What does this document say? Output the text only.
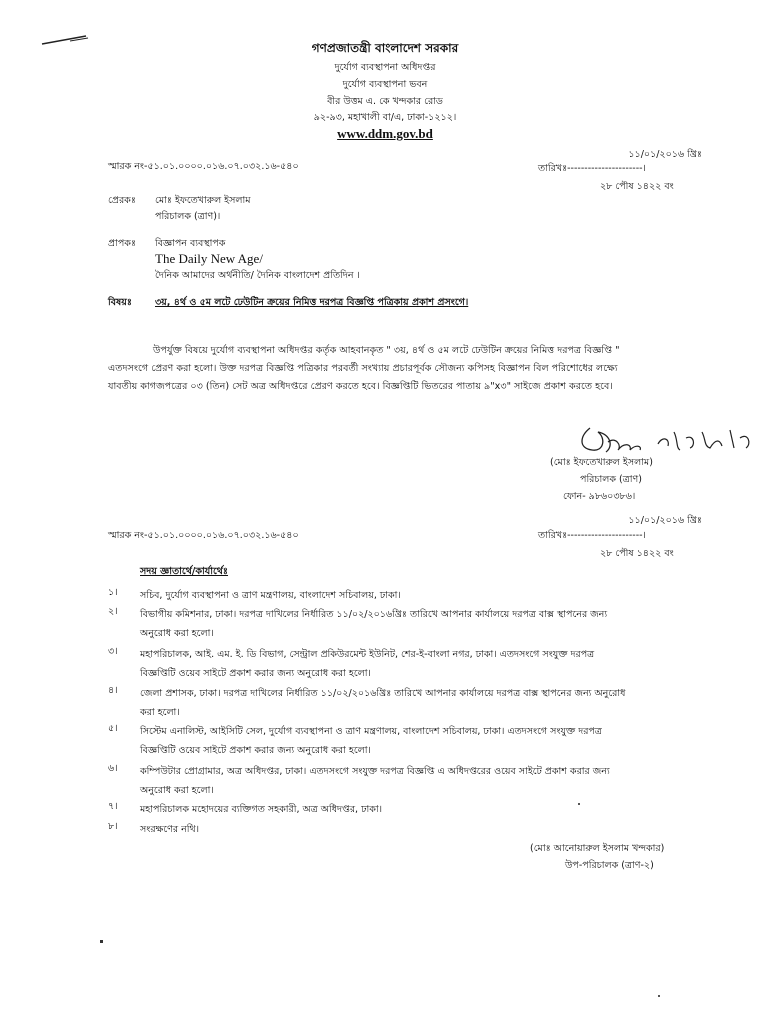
গণপ্রজাতন্ত্রী বাংলাদেশ সরকার
দুর্যোগ ব্যবস্থাপনা অধিদপ্তর
দুর্যোগ ব্যবস্থাপনা ভবন
বীর উত্তম এ. কে খন্দকার রোড
৯২-৯৩, মহাখালী বা/এ, ঢাকা-১২১২।
www.ddm.gov.bd
১১/০১/২০১৬ খ্রিঃ
স্মারক নং-৫১.০১.০০০০.০১৬.০৭.০৩২.১৬-৫৪০	তারিখঃ----------------------।
২৮ পৌষ ১৪২২ বং
প্রেরকঃ মোঃ ইফতেখারুল ইসলাম
পরিচালক (ত্রাণ)।
প্রাপকঃ বিজ্ঞাপন ব্যবস্থাপক
The Daily New Age/
দৈনিক আমাদের অর্থনীতি/ দৈনিক বাংলাদেশ প্রতিদিন ।
বিষয়ঃ ৩য়, ৪র্থ ও ৫ম লটে ঢেউটিন ক্রয়ের নিমিত্ত দরপত্র বিজ্ঞপ্তি পত্রিকায় প্রকাশ প্রসংগে।
উপর্যুক্ত বিষয়ে দুর্যোগ ব্যবস্থাপনা অধিদপ্তর কর্তৃক আহবানকৃত " ৩য়, ৪র্থ ও ৫ম লটে ঢেউটিন ক্রয়ের নিমিত্ত দরপত্র বিজ্ঞপ্তি "
এতদসংগে প্রেরণ করা হলো। উক্ত দরপত্র বিজ্ঞপ্তি পত্রিকার পরবর্তী সংখ্যায় প্রচারপূর্বক সৌজন্য কপিসহ বিজ্ঞাপন বিল পরিশোধের লক্ষ্যে
যাবতীয় কাগজপত্রের ০৩ (তিন) সেট অত্র অধিদপ্তরে প্রেরণ করতে হবে। বিজ্ঞপ্তিটি ভিতরের পাতায় ৯"x৩" সাইজে প্রকাশ করতে হবে।
(মোঃ ইফতেখারুল ইসলাম)
পরিচালক (ত্রাণ)
ফোন- ৯৮৬০৩৮৬।
১১/০১/২০১৬ খ্রিঃ
স্মারক নং-৫১.০১.০০০০.০১৬.০৭.০৩২.১৬-৫৪০	তারিখঃ----------------------।
২৮ পৌষ ১৪২২ বং
সদয় জ্ঞাতার্থে/কার্যার্থেঃ
১। সচিব, দুর্যোগ ব্যবস্থাপনা ও ত্রাণ মন্ত্রণালয়, বাংলাদেশ সচিবালয়, ঢাকা।
২। বিভাগীয় কমিশনার, ঢাকা। দরপত্র দাখিলের নির্ধারিত ১১/০২/২০১৬খ্রিঃ তারিখে আপনার কার্যালয়ে দরপত্র বাক্স স্থাপনের জন্য
অনুরোধ করা হলো।
৩। মহাপরিচালক, আই. এম. ই. ডি বিভাগ, সেন্ট্রাল প্রকিউরমেন্ট ইউনিট, শের-ই-বাংলা নগর, ঢাকা। এতদসংগে সংযুক্ত দরপত্র
বিজ্ঞপ্তিটি ওয়েব সাইটে প্রকাশ করার জন্য অনুরোধ করা হলো।
৪। জেলা প্রশাসক, ঢাকা। দরপত্র দাখিলের নির্ধারিত ১১/০২/২০১৬খ্রিঃ তারিখে আপনার কার্যালয়ে দরপত্র বাক্স স্থাপনের জন্য অনুরোধ
করা হলো।
৫। সিস্টেম এনালিস্ট, আইসিটি সেল, দুর্যোগ ব্যবস্থাপনা ও ত্রাণ মন্ত্রণালয়, বাংলাদেশ সচিবালয়, ঢাকা। এতদসংগে সংযুক্ত দরপত্র
বিজ্ঞপ্তিটি ওয়েব সাইটে প্রকাশ করার জন্য অনুরোধ করা হলো।
৬। কম্পিউটার প্রোগ্রামার, অত্র অধিদপ্তর, ঢাকা। এতদসংগে সংযুক্ত দরপত্র বিজ্ঞপ্তি এ অধিদপ্তরের ওয়েব সাইটে প্রকাশ করার জন্য
অনুরোধ করা হলো।
৭। মহাপরিচালক মহোদয়ের ব্যক্তিগত সহকারী, অত্র অধিদপ্তর, ঢাকা।
৮। সংরক্ষণের নথি।
(মোঃ আনোয়ারুল ইসলাম খন্দকার)
উপ-পরিচালক (ত্রাণ-২)
